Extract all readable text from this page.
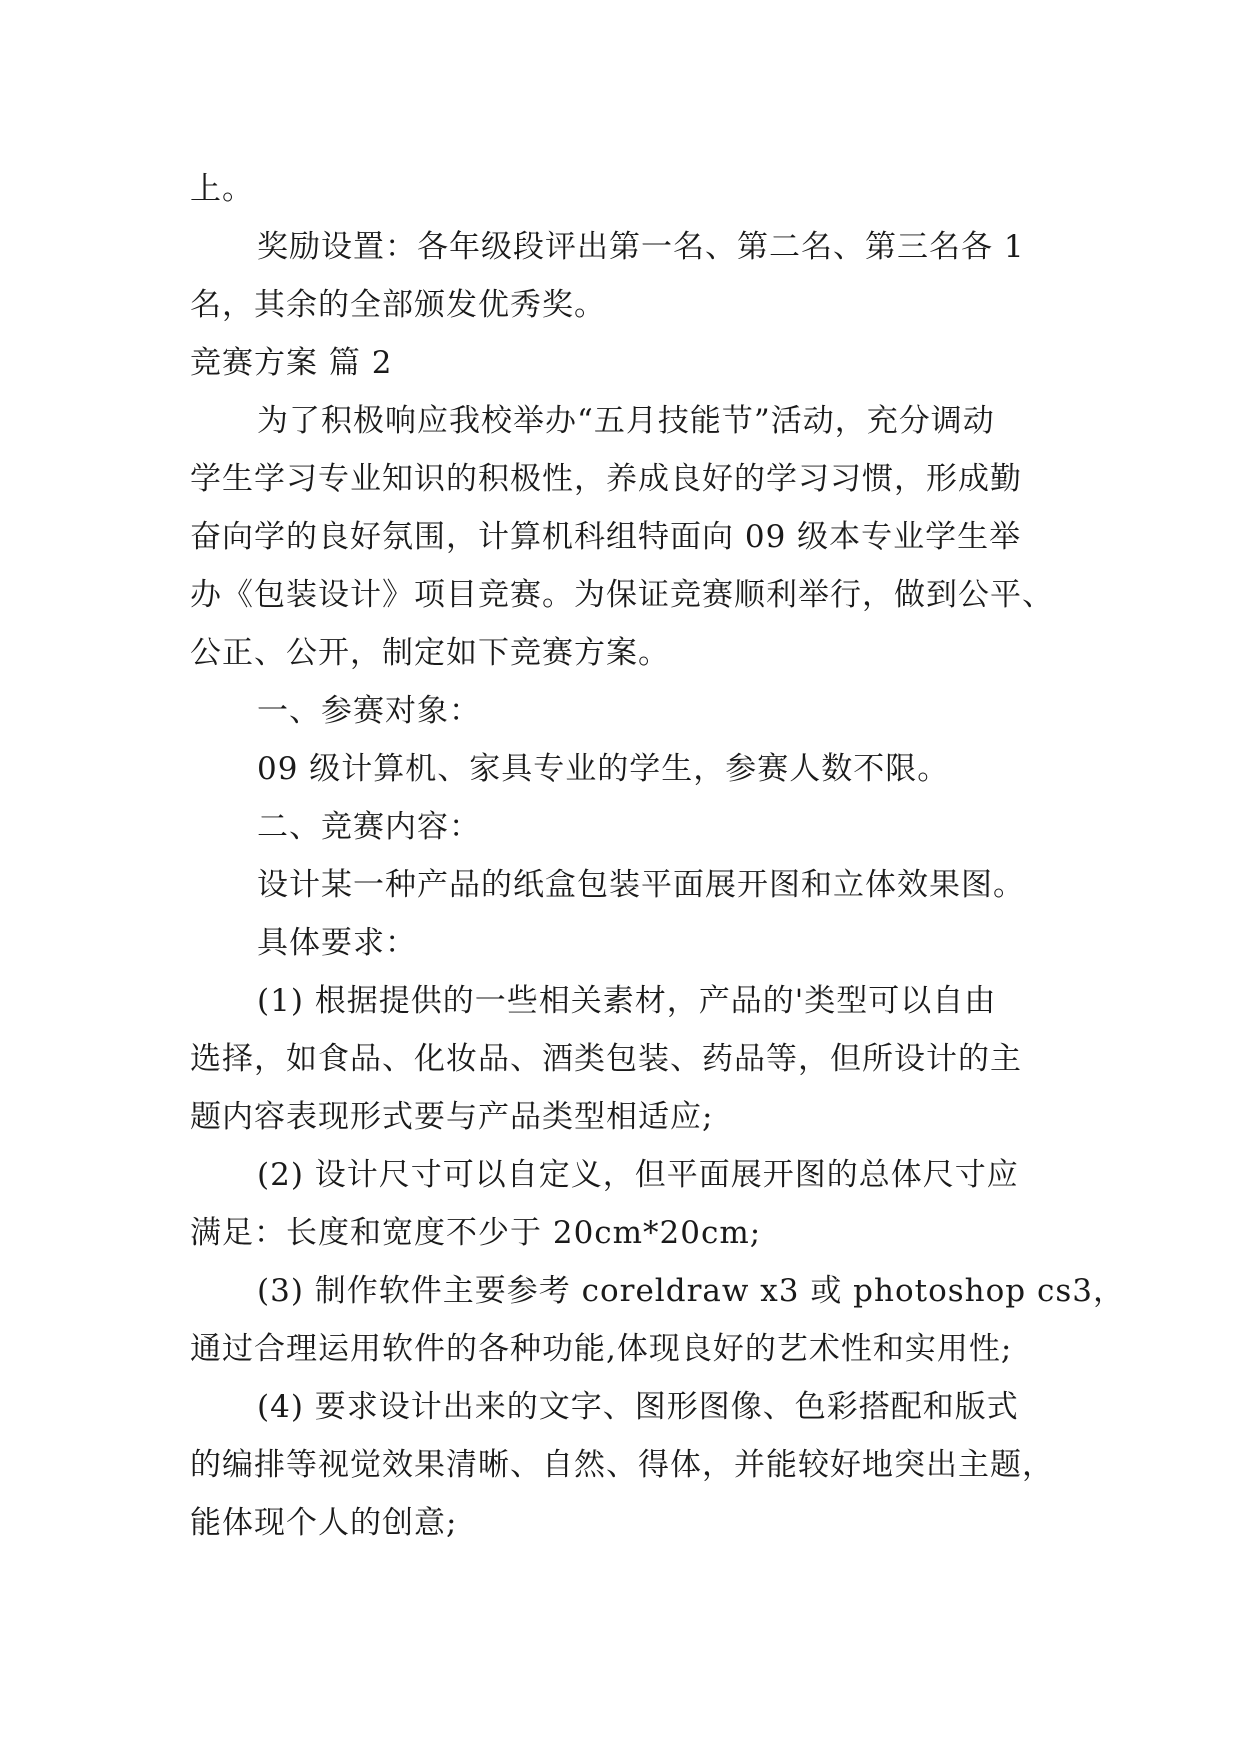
上。
奖励设置：各年级段评出第一名、第二名、第三名各 1
名，其余的全部颁发优秀奖。
竞赛方案 篇 2
为了积极响应我校举办“五月技能节”活动，充分调动
学生学习专业知识的积极性，养成良好的学习习惯，形成勤
奋向学的良好氛围，计算机科组特面向 09 级本专业学生举
办《包装设计》项目竞赛。为保证竞赛顺利举行，做到公平、
公正、公开，制定如下竞赛方案。
一、参赛对象：
09 级计算机、家具专业的学生，参赛人数不限。
二、竞赛内容：
设计某一种产品的纸盒包装平面展开图和立体效果图。
具体要求：
(1) 根据提供的一些相关素材，产品的'类型可以自由
选择，如食品、化妆品、酒类包装、药品等，但所设计的主
题内容表现形式要与产品类型相适应;
(2) 设计尺寸可以自定义，但平面展开图的总体尺寸应
满足：长度和宽度不少于 20cm*20cm;
(3) 制作软件主要参考 coreldraw x3 或 photoshop cs3，
通过合理运用软件的各种功能,体现良好的艺术性和实用性;
(4) 要求设计出来的文字、图形图像、色彩搭配和版式
的编排等视觉效果清晰、自然、得体，并能较好地突出主题，
能体现个人的创意;
